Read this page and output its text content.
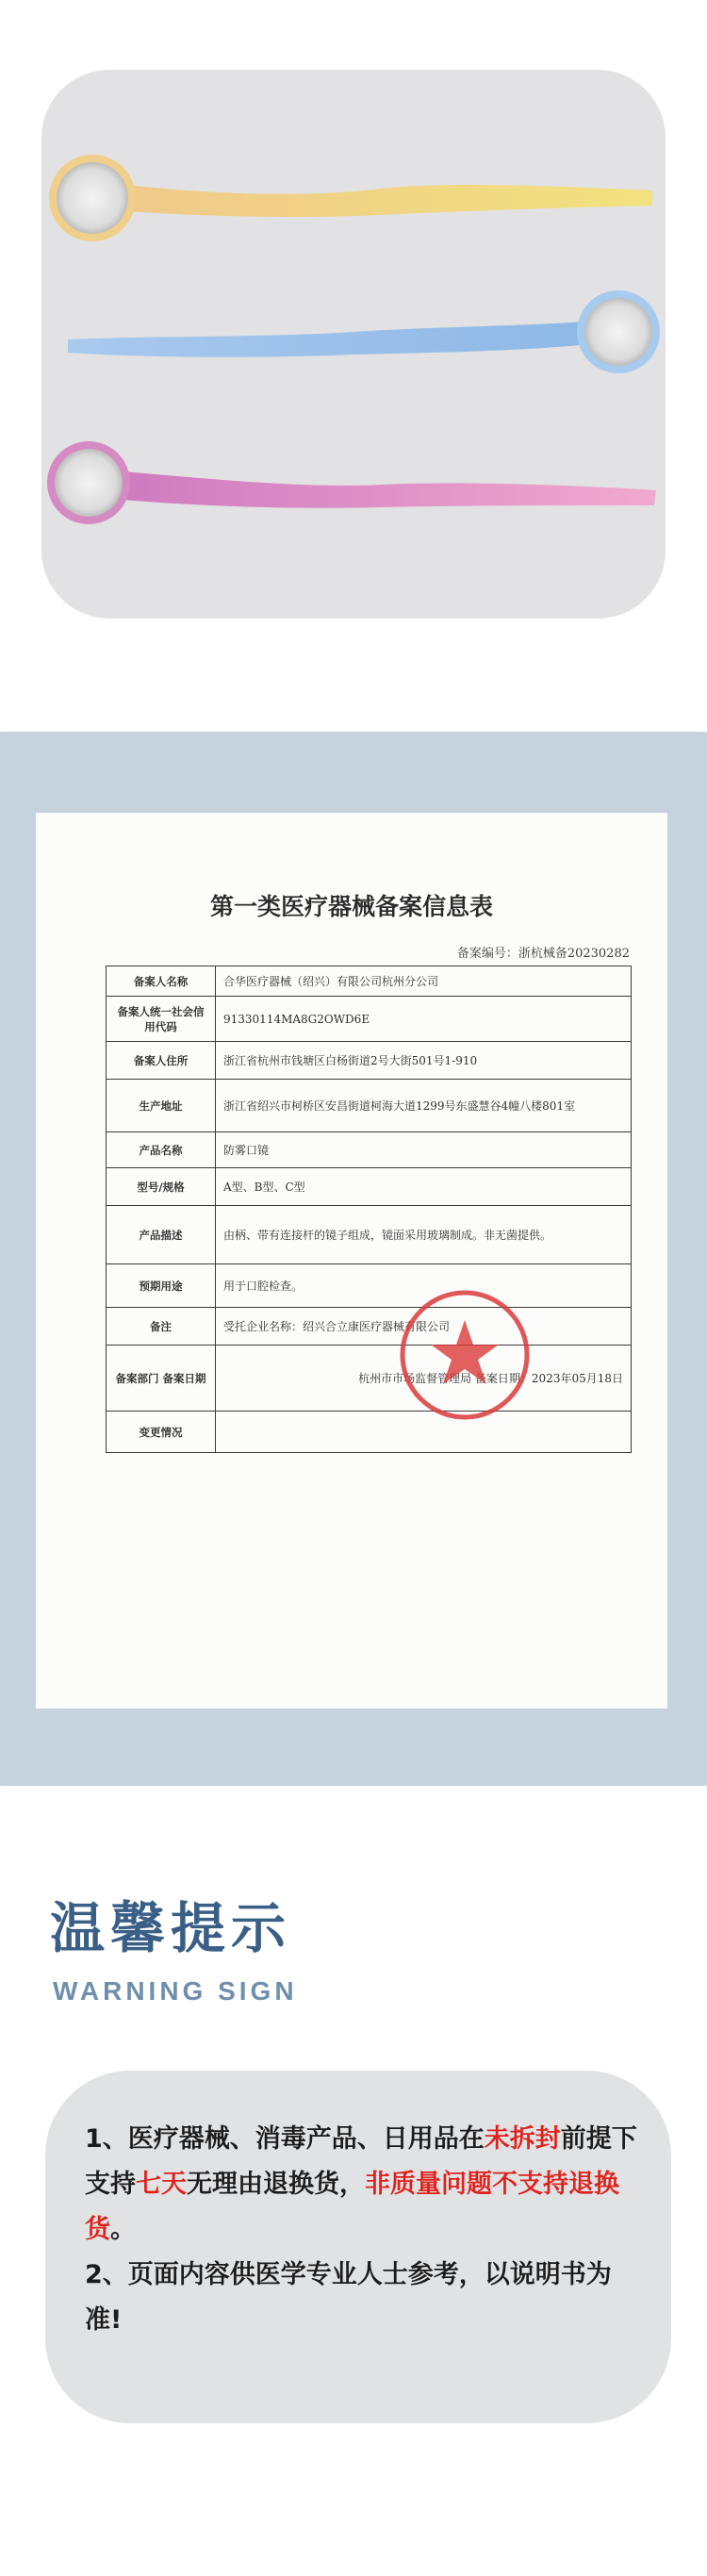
第一类医疗器械备案信息表
备案编号：浙杭械备20230282
备案人名称	合华医疗器械（绍兴）有限公司杭州分公司
备案人统一社会信用代码	91330114MA8G2OWD6E
备案人住所	浙江省杭州市钱塘区白杨街道2号大街501号1-910
生产地址	浙江省绍兴市柯桥区安昌街道柯海大道1299号东盛慧谷4幢八楼801室
产品名称	防雾口镜
型号/规格	A型、B型、C型
产品描述	由柄、带有连接杆的镜子组成，镜面采用玻璃制成。非无菌提供。
预期用途	用于口腔检查。
备注	受托企业名称：绍兴合立康医疗器械有限公司
备案部门 备案日期	杭州市市场监督管理局 备案日期：2023年05月18日
变更情况	
温馨提示
WARNING SIGN
1、医疗器械、消毒产品、日用品在未拆封前提下支持七天无理由退换货，非质量问题不支持退换货。
2、页面内容供医学专业人士参考，以说明书为准!
